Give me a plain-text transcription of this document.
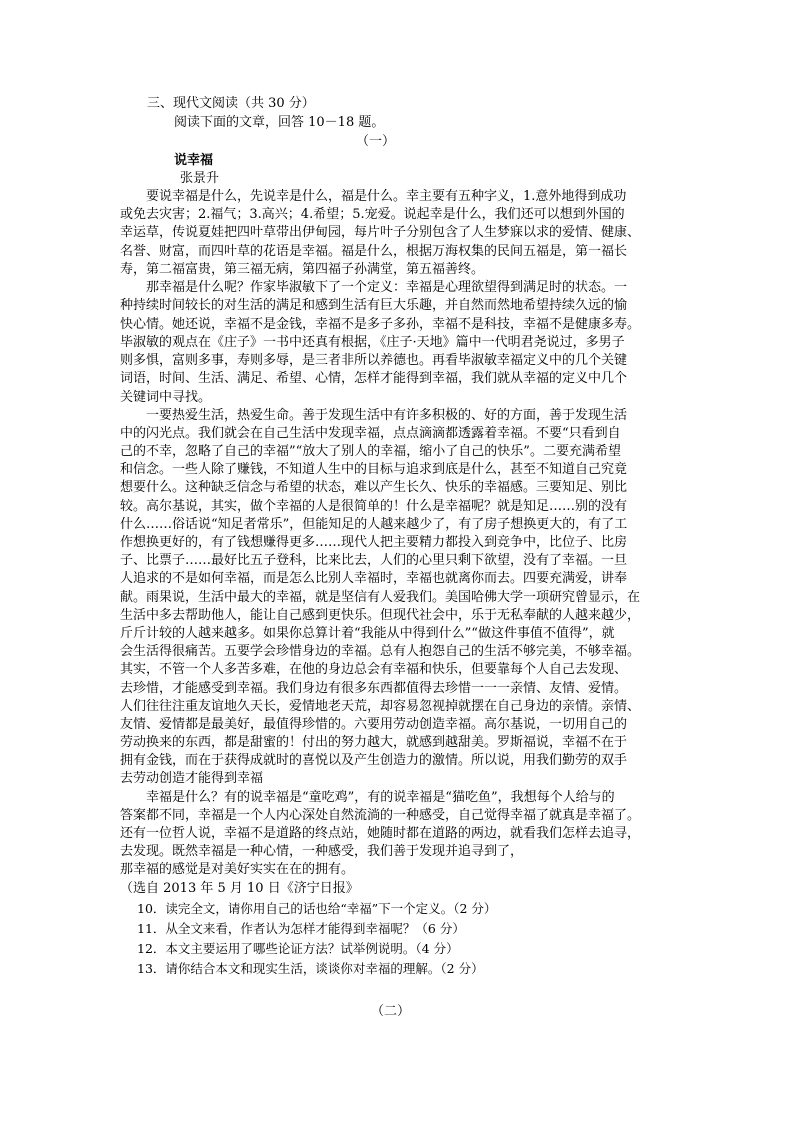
三、现代文阅读（共 30 分）
阅读下面的文章，回答 10－18 题。
（一）
说幸福
张景升
要说幸福是什么，先说幸是什么，福是什么。幸主要有五种字义，1.意外地得到成功
或免去灾害；2.福气；3.高兴；4.希望；5.宠爱。说起幸是什么，我们还可以想到外国的
幸运草，传说夏娃把四叶草带出伊甸园，每片叶子分别包含了人生梦寐以求的爱情、健康、
名誉、财富，而四叶草的花语是幸福。福是什么，根据万海权集的民间五福是，第一福长
寿，第二福富贵，第三福无病，第四福子孙满堂，第五福善终。
那幸福是什么呢？作家毕淑敏下了一个定义：幸福是心理欲望得到满足时的状态。一
种持续时间较长的对生活的满足和感到生活有巨大乐趣，并自然而然地希望持续久远的愉
快心情。她还说，幸福不是金钱，幸福不是多子多孙，幸福不是科技，幸福不是健康多寿。
毕淑敏的观点在《庄子》一书中还真有根据，《庄子·天地》篇中一代明君尧说过，多男子
则多惧，富则多事，寿则多辱，是三者非所以养德也。再看毕淑敏幸福定义中的几个关键
词语，时间、生活、满足、希望、心情，怎样才能得到幸福，我们就从幸福的定义中几个
关键词中寻找。
一要热爱生活，热爱生命。善于发现生活中有许多积极的、好的方面，善于发现生活
中的闪光点。我们就会在自己生活中发现幸福，点点滴滴都透露着幸福。不要“只看到自
己的不幸，忽略了自己的幸福”“放大了别人的幸福，缩小了自己的快乐”。二要充满希望
和信念。一些人除了赚钱，不知道人生中的目标与追求到底是什么，甚至不知道自己究竟
想要什么。这种缺乏信念与希望的状态，难以产生长久、快乐的幸福感。三要知足、别比
较。高尔基说，其实，做个幸福的人是很简单的！什么是幸福呢？就是知足……别的没有
什么……俗话说“知足者常乐”，但能知足的人越来越少了，有了房子想换更大的，有了工
作想换更好的，有了钱想赚得更多……现代人把主要精力都投入到竞争中，比位子、比房
子、比票子……最好比五子登科，比来比去，人们的心里只剩下欲望，没有了幸福。一旦
人追求的不是如何幸福，而是怎么比别人幸福时，幸福也就离你而去。四要充满爱，讲奉
献。雨果说，生活中最大的幸福，就是坚信有人爱我们。美国哈佛大学一项研究曾显示，在
生活中多去帮助他人，能让自己感到更快乐。但现代社会中，乐于无私奉献的人越来越少，
斤斤计较的人越来越多。如果你总算计着“我能从中得到什么”“做这件事值不值得”，就
会生活得很痛苦。五要学会珍惜身边的幸福。总有人抱怨自己的生活不够完美，不够幸福。
其实，不管一个人多苦多难，在他的身边总会有幸福和快乐，但要靠每个人自己去发现、
去珍惜，才能感受到幸福。我们身边有很多东西都值得去珍惜一一一亲情、友情、爱情。
人们往往注重友谊地久天长，爱情地老天荒，却容易忽视掉就摆在自己身边的亲情。亲情、
友情、爱情都是最美好，最值得珍惜的。六要用劳动创造幸福。高尔基说，一切用自己的
劳动换来的东西，都是甜蜜的！付出的努力越大，就感到越甜美。罗斯福说，幸福不在于
拥有金钱，而在于获得成就时的喜悦以及产生创造力的激情。所以说，用我们勤劳的双手
去劳动创造才能得到幸福
幸福是什么？有的说幸福是“童吃鸡”，有的说幸福是“猫吃鱼”，我想每个人给与的
答案都不同，幸福是一个人内心深处自然流淌的一种感受，自己觉得幸福了就真是幸福了。
还有一位哲人说，幸福不是道路的终点站，她随时都在道路的两边，就看我们怎样去追寻，
去发现。既然幸福是一种心情，一种感受，我们善于发现并追寻到了，
那幸福的感觉是对美好实实在在的拥有。
（选自 2013 年 5 月 10 日《济宁日报》
10．读完全文，请你用自己的话也给“幸福”下一个定义。（2 分）
11．从全文来看，作者认为怎样才能得到幸福呢？（6 分）
12．本文主要运用了哪些论证方法？试举例说明。（4 分）
13．请你结合本文和现实生活，谈谈你对幸福的理解。（2 分）
（二）
